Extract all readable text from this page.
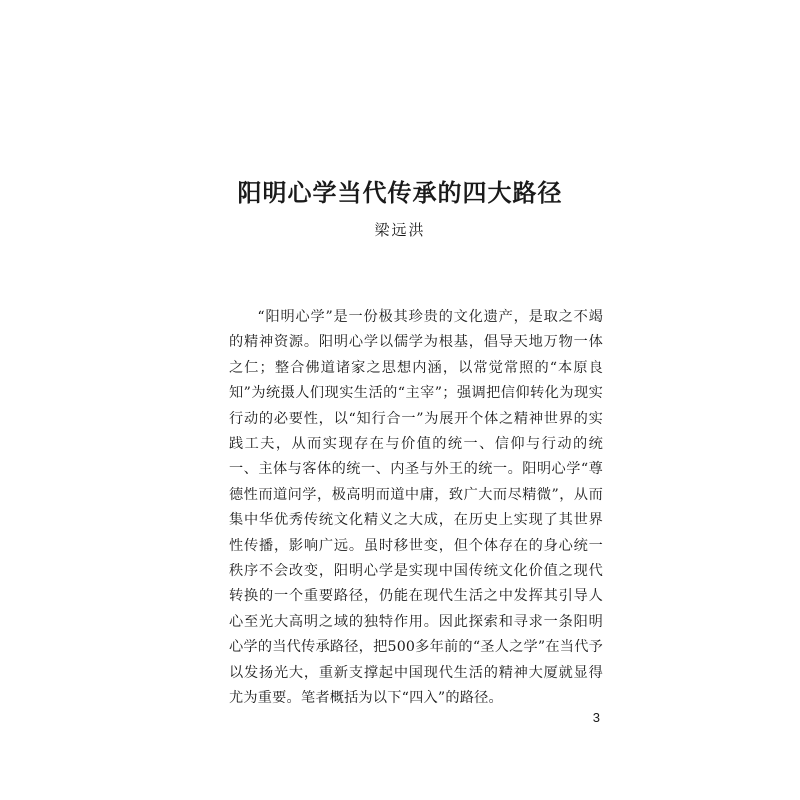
阳明心学当代传承的四大路径
梁远洪

“阳明心学”是一份极其珍贵的文化遗产，是取之不竭的精神资源。阳明心学以儒学为根基，倡导天地万物一体之仁；整合佛道诸家之思想内涵，以常觉常照的“本原良知”为统摄人们现实生活的“主宰”；强调把信仰转化为现实行动的必要性，以“知行合一”为展开个体之精神世界的实践工夫，从而实现存在与价值的统一、信仰与行动的统一、主体与客体的统一、内圣与外王的统一。阳明心学“尊德性而道问学，极高明而道中庸，致广大而尽精微”，从而集中华优秀传统文化精义之大成，在历史上实现了其世界性传播，影响广远。虽时移世变，但个体存在的身心统一秩序不会改变，阳明心学是实现中国传统文化价值之现代转换的一个重要路径，仍能在现代生活之中发挥其引导人心至光大高明之域的独特作用。因此探索和寻求一条阳明心学的当代传承路径，把500多年前的“圣人之学”在当代予以发扬光大，重新支撑起中国现代生活的精神大厦就显得尤为重要。笔者概括为以下“四入”的路径。

3
